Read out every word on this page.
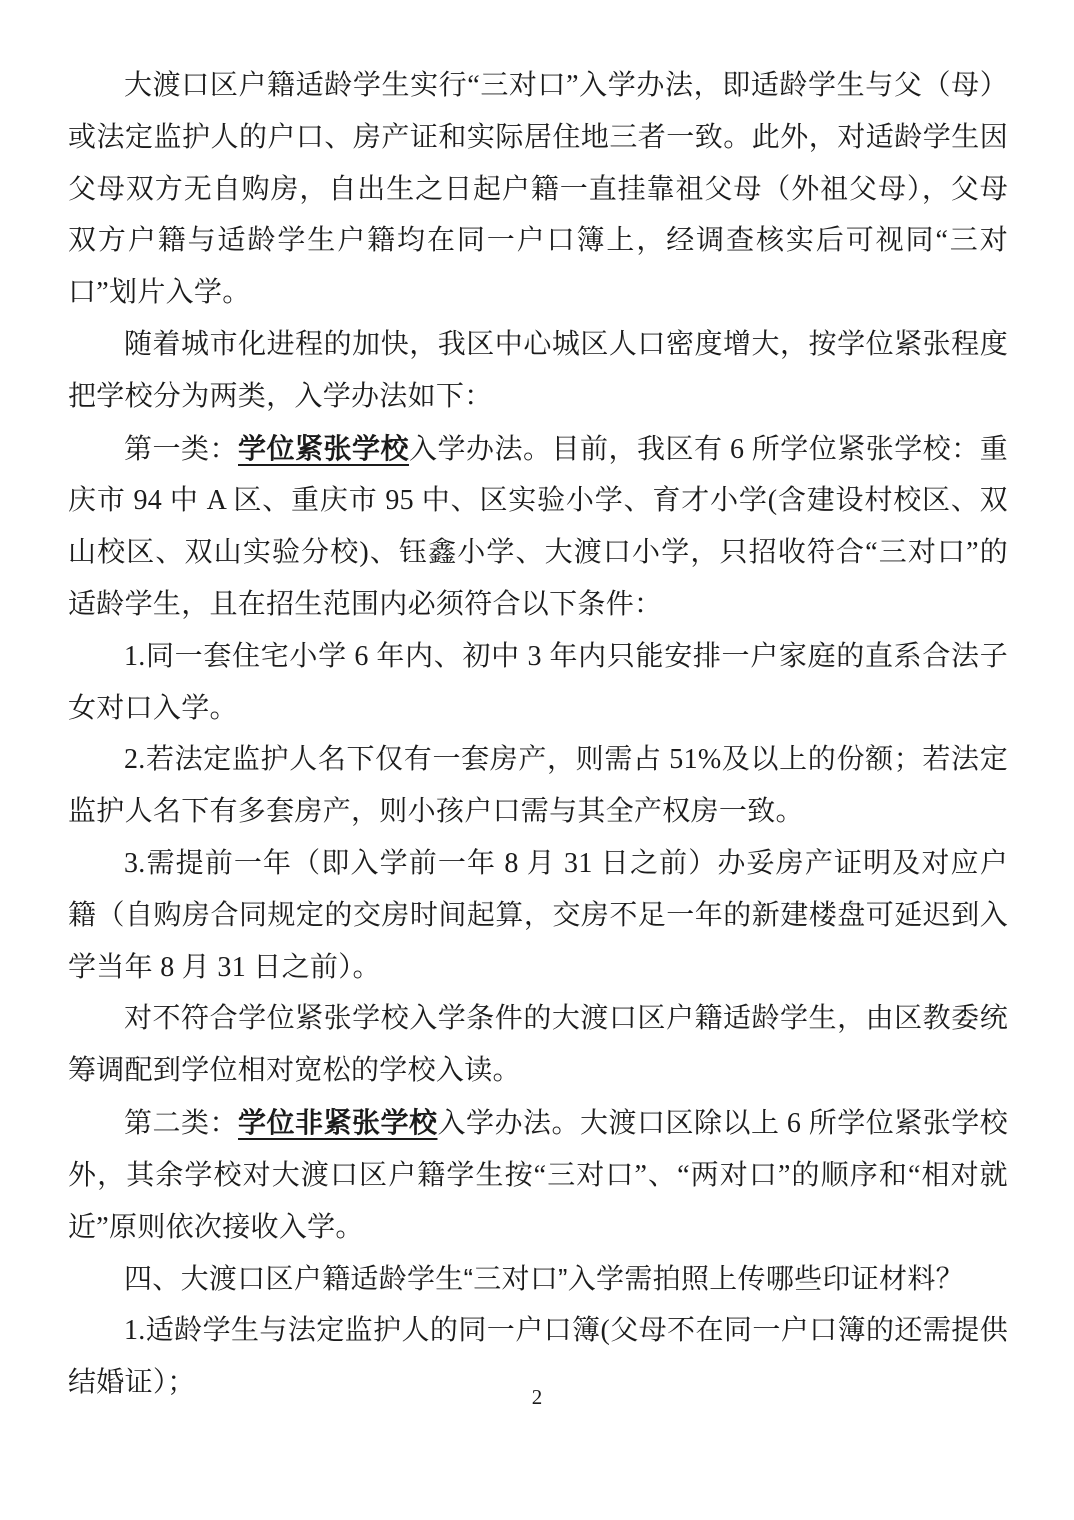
大渡口区户籍适龄学生实行“三对口”入学办法，即适龄学生与父（母）或法定监护人的户口、房产证和实际居住地三者一致。此外，对适龄学生因父母双方无自购房，自出生之日起户籍一直挂靠祖父母（外祖父母），父母双方户籍与适龄学生户籍均在同一户口簿上，经调查核实后可视同“三对口”划片入学。

随着城市化进程的加快，我区中心城区人口密度增大，按学位紧张程度把学校分为两类，入学办法如下：

第一类：学位紧张学校入学办法。目前，我区有 6 所学位紧张学校：重庆市 94 中 A 区、重庆市 95 中、区实验小学、育才小学(含建设村校区、双山校区、双山实验分校)、钰鑫小学、大渡口小学，只招收符合“三对口”的适龄学生，且在招生范围内必须符合以下条件：

1.同一套住宅小学 6 年内、初中 3 年内只能安排一户家庭的直系合法子女对口入学。

2.若法定监护人名下仅有一套房产，则需占 51%及以上的份额；若法定监护人名下有多套房产，则小孩户口需与其全产权房一致。

3.需提前一年（即入学前一年 8 月 31 日之前）办妥房产证明及对应户籍（自购房合同规定的交房时间起算，交房不足一年的新建楼盘可延迟到入学当年 8 月 31 日之前）。

对不符合学位紧张学校入学条件的大渡口区户籍适龄学生，由区教委统筹调配到学位相对宽松的学校入读。

第二类：学位非紧张学校入学办法。大渡口区除以上 6 所学位紧张学校外，其余学校对大渡口区户籍学生按“三对口”、“两对口”的顺序和“相对就近”原则依次接收入学。

四、大渡口区户籍适龄学生“三对口”入学需拍照上传哪些印证材料？

1.适龄学生与法定监护人的同一户口簿(父母不在同一户口簿的还需提供结婚证）；	2
